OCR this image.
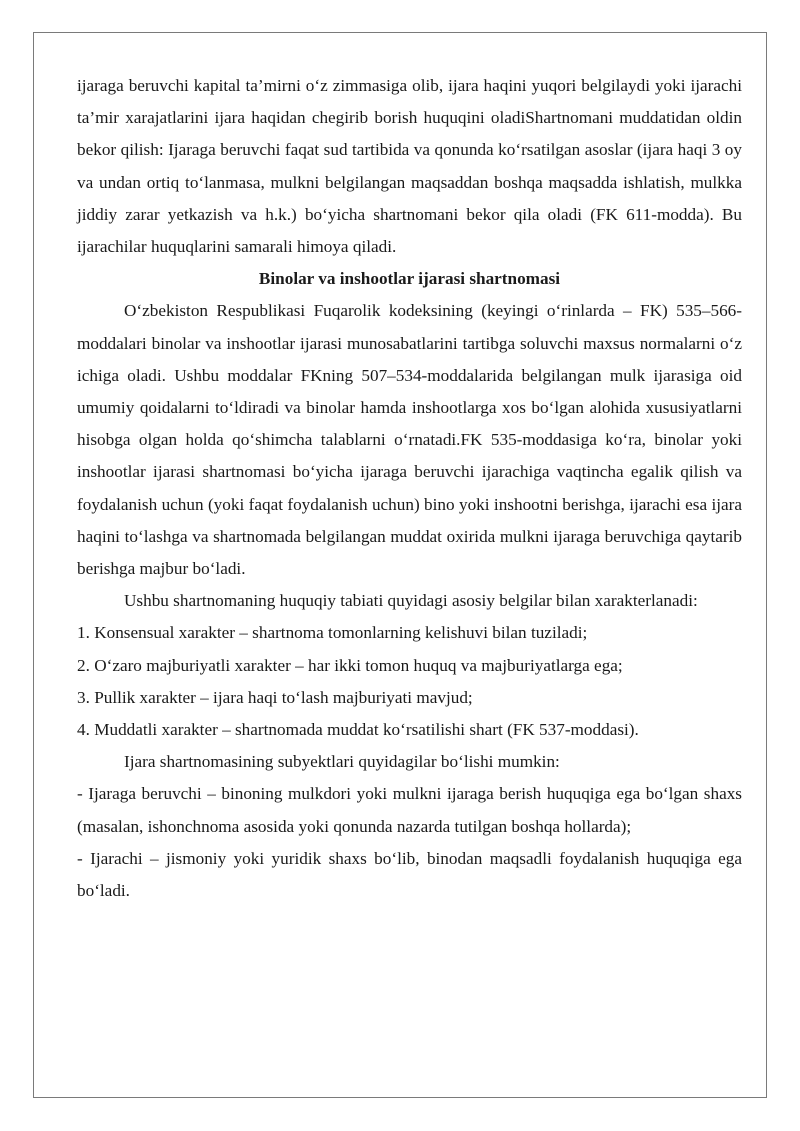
ijaraga beruvchi kapital ta’mirni o‘z zimmasiga olib, ijara haqini yuqori belgilaydi yoki ijarachi ta’mir xarajatlarini ijara haqidan chegirib borish huquqini oladiShartnomani muddatidan oldin bekor qilish: Ijaraga beruvchi faqat sud tartibida va qonunda ko‘rsatilgan asoslar (ijara haqi 3 oy va undan ortiq to‘lanmasa, mulkni belgilangan maqsaddan boshqa maqsadda ishlatish, mulkka jiddiy zarar yetkazish va h.k.) bo‘yicha shartnomani bekor qila oladi (FK 611-modda). Bu ijarachilar huquqlarini samarali himoya qiladi.

Binolar va inshootlar ijarasi shartnomasi

O‘zbekiston Respublikasi Fuqarolik kodeksining (keyingi o‘rinlarda – FK) 535–566-moddalari binolar va inshootlar ijarasi munosabatlarini tartibga soluvchi maxsus normalarni o‘z ichiga oladi. Ushbu moddalar FKning 507–534-moddalarida belgilangan mulk ijarasiga oid umumiy qoidalarni to‘ldiradi va binolar hamda inshootlarga xos bo‘lgan alohida xususiyatlarni hisobga olgan holda qo‘shimcha talablarni o‘rnatadi.FK 535-moddasiga ko‘ra, binolar yoki inshootlar ijarasi shartnomasi bo‘yicha ijaraga beruvchi ijarachiga vaqtincha egalik qilish va foydalanish uchun (yoki faqat foydalanish uchun) bino yoki inshootni berishga, ijarachi esa ijara haqini to‘lashga va shartnomada belgilangan muddat oxirida mulkni ijaraga beruvchiga qaytarib berishga majbur bo‘ladi.

Ushbu shartnomaning huquqiy tabiati quyidagi asosiy belgilar bilan xarakterlanadi:

1. Konsensual xarakter – shartnoma tomonlarning kelishuvi bilan tuziladi;

2. O‘zaro majburiyatli xarakter – har ikki tomon huquq va majburiyatlarga ega;

3. Pullik xarakter – ijara haqi to‘lash majburiyati mavjud;

4. Muddatli xarakter – shartnomada muddat ko‘rsatilishi shart (FK 537-moddasi).

Ijara shartnomasining subyektlari quyidagilar bo‘lishi mumkin:

- Ijaraga beruvchi – binoning mulkdori yoki mulkni ijaraga berish huquqiga ega bo‘lgan shaxs (masalan, ishonchnoma asosida yoki qonunda nazarda tutilgan boshqa hollarda);

- Ijarachi – jismoniy yoki yuridik shaxs bo‘lib, binodan maqsadli foydalanish huquqiga ega bo‘ladi.
